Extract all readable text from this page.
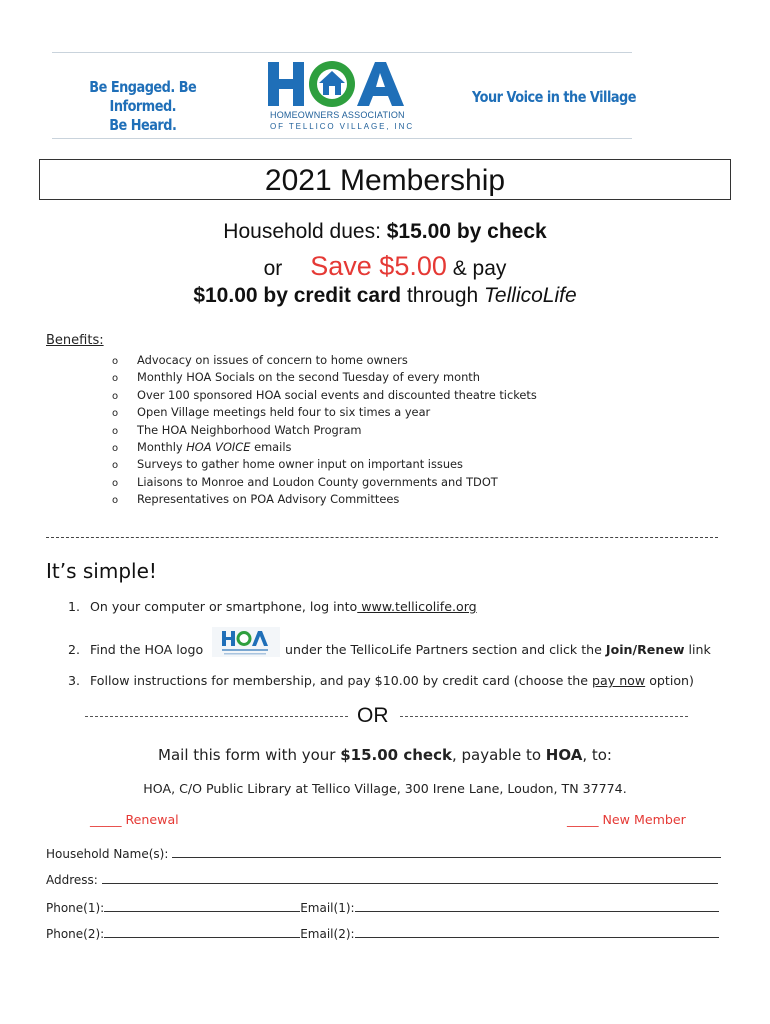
Be Engaged. Be Informed.
Be Heard.
HOMEOWNERS ASSOCIATION
OF TELLICO VILLAGE, INC
Your Voice in the Village
2021 Membership
Household dues: $15.00 by check
or Save $5.00 & pay
$10.00 by credit card through TellicoLife
Benefits:
o Advocacy on issues of concern to home owners
o Monthly HOA Socials on the second Tuesday of every month
o Over 100 sponsored HOA social events and discounted theatre tickets
o Open Village meetings held four to six times a year
o The HOA Neighborhood Watch Program
o Monthly HOA VOICE emails
o Surveys to gather home owner input on important issues
o Liaisons to Monroe and Loudon County governments and TDOT
o Representatives on POA Advisory Committees
It’s simple!
1. On your computer or smartphone, log into www.tellicolife.org
2. Find the HOA logo	under the TellicoLife Partners section and click the Join/Renew link
3. Follow instructions for membership, and pay $10.00 by credit card (choose the pay now option)
OR
Mail this form with your $15.00 check, payable to HOA, to:
HOA, C/O Public Library at Tellico Village, 300 Irene Lane, Loudon, TN 37774.
_____ Renewal	_____ New Member
Household Name(s):
Address:
Phone(1):	Email(1):
Phone(2):	Email(2):
